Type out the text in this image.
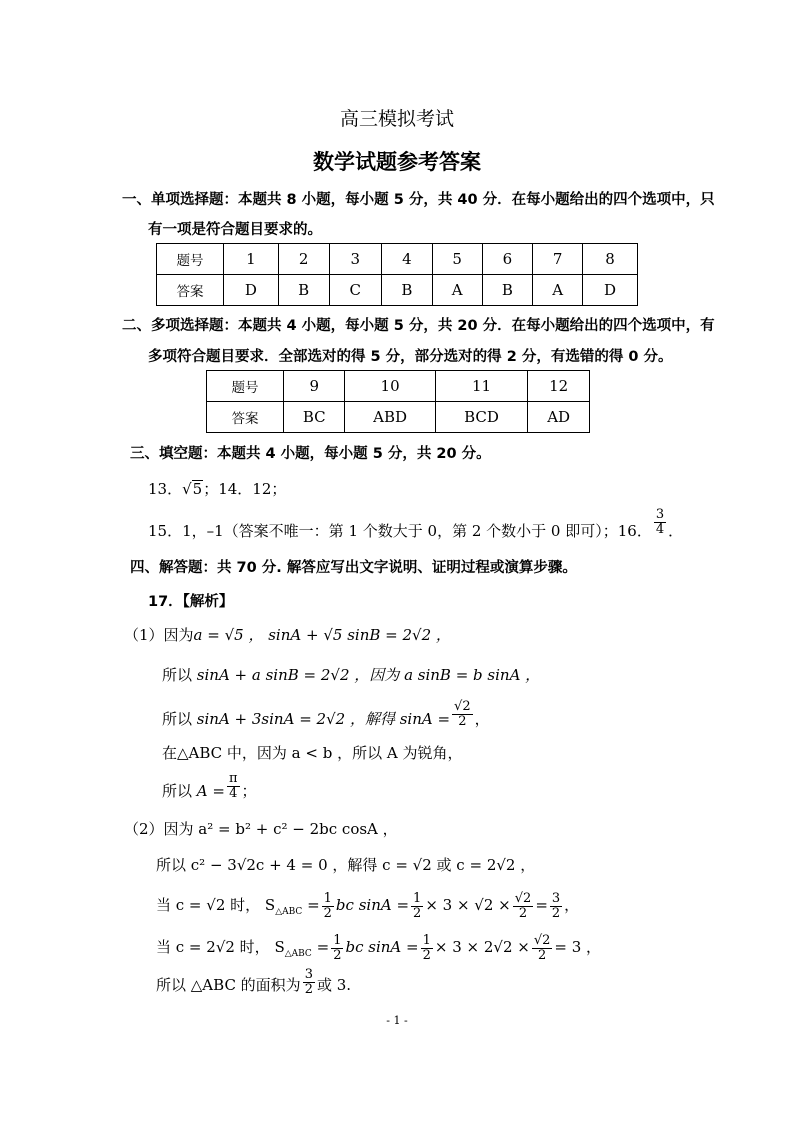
高三模拟考试
数学试题参考答案
一、单项选择题：本题共 8 小题，每小题 5 分，共 40 分．在每小题给出的四个选项中，只
有一项是符合题目要求的。
题号	1	2	3	4	5	6	7	8
答案	D	B	C	B	A	B	A	D
二、多项选择题：本题共 4 小题，每小题 5 分，共 20 分．在每小题给出的四个选项中，有
多项符合题目要求．全部选对的得 5 分，部分选对的得 2 分，有选错的得 0 分。
题号	9	10	11	12
答案	BC	ABD	BCD	AD
三、填空题：本题共 4 小题，每小题 5 分，共 20 分。
13．√5；14．12；
15．1，–1（答案不唯一：第 1 个数大于 0，第 2 个数小于 0 即可）；16． $\frac{3}{4}$ ．
四、解答题：共 70 分. 解答应写出文字说明、证明过程或演算步骤。
17．【解析】
（1）因为a = √5 ， sinA + √5 sinB = 2√2 ，
所以 sinA + a sinB = 2√2 ，因为 a sinB = b sinA ，
所以 sinA + 3sinA = 2√2 ，解得 $\sin A = \frac{√2}{2}$ ，
在△ABC 中，因为 a < b ，所以 A 为锐角，
所以 $A = \frac{\pi}{4}$ ；
（2）因为 a² = b² + c² − 2bc cosA ，
所以 c² − 3√2c + 4 = 0 ，解得 c = √2 或 c = 2√2 ，
当 c = √2 时， $S_{\triangle ABC} = \frac{1}{2}$ bc $\sin A = \frac{1}{2} \times 3 \times √2 \times \frac{√2}{2} = \frac{3}{2}$ ，
当 c = 2√2 时， $S_{\triangle ABC} = \frac{1}{2}$ bc $\sin A = \frac{1}{2} \times 3 \times 2√2 \times \frac{√2}{2} = 3$ ，
所以 △ABC 的面积为 $\frac{3}{2}$ 或 3.
- 1 -
